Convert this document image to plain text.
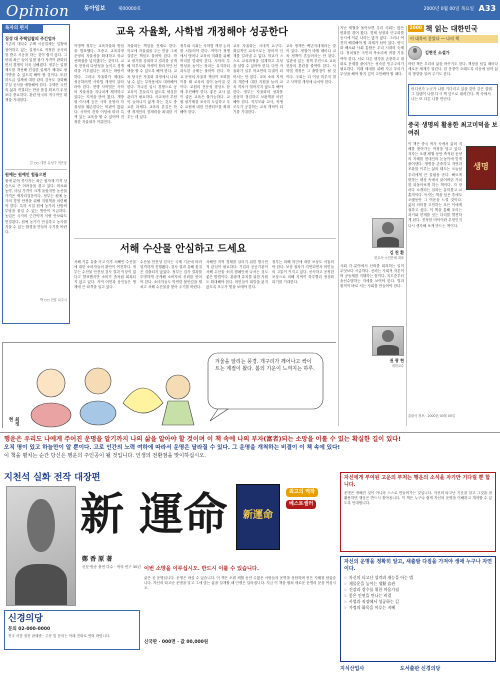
Opinion	동아일보	제00000호	2000년 0월 00일 목요일 A33
독자의 편지
집성 대 주택입찰의 주긴업자
기존의 대다수 주택 시공업체는 입찰에 참여하고 있는 실정으로 적정한 공사비를 받고 시공을 하는 것이 쉽지 않다. 그런데 최근 들어 입찰 참가 자격이 완화되면서 경쟁이 더욱 심해졌다. 정부는 입찰 제도를 개선해 건실한 업체가 제대로 평가받을 수 있도록 해야 할 것이다. 또한 하도급 업체에 대한 관리 감독도 강화해 부실 공사를 예방해야 한다. 주택은 국민의 삶과 직결되는 만큼 품질 확보가 무엇보다 중요하다. 관련 당국의 적극적인 대책을 기대한다.
김 ○○ 대전 유성구 어은동
원예는 원예인 힘들으면
원예 분야 종사자는 최근 원자재 가격 상승으로 큰 어려움을 겪고 있다. 비료와 농약, 비닐 가격이 크게 올랐지만 농산물 가격은 제자리걸음이다. 정부는 원예 농가의 경영 안정을 위해 지원책을 마련해야 한다. 특히 시설 원예 농가의 난방비 부담을 줄일 수 있는 방안이 시급하다. 농업은 국가의 근간이며 식량 안보와도 연결된다. 원예 농가가 안심하고 농사를 지을 수 있는 환경을 만들어 주기를 바란다.
박 ○○ 전남 나주시
교육 자율화, 사학법 개정해야 성공한다
이명박 정부는 교육자율화 방침을 발표했다. 초중고 교육과정 운영의 자율성을 확대하고 학교 선택권을 넓히겠다는 것이다. 교육 현장의 다양성을 높이고 경쟁력을 키우겠다는 취지는 바람직하다. 그러나 자율화가 제대로 성공하려면 사학법 개정이 뒤따라야 한다. 현행 사학법은 사학의 자율성을 지나치게 제약하고 있다는 지적을 받아 왔다. 개방형 이사제 등은 사학 운영의 자율성을 훼손한다는 비판이 많았다. 사학이 건학 이념에 따라 특색 있는 교육을 할 수 있어야 진정한 자율화가 이뤄진다.
자율화는 책임을 전제로 한다. 학교에 자율권을 주는 만큼 그에 걸맞은 책임도 물어야 한다. 학교 평가를 강화하고 결과를 공개해 학부모와 학생이 합리적인 선택을 할 수 있도록 해야 한다. 교육 당국은 자율화 과정에서 나타날 수 있는 부작용에도 대비해야 한다. 지나친 입시 경쟁으로 공교육이 흔들리지 않도록 세심한 관리가 필요하다. 사교육비 부담이 늘어나지 않게 하는 것도 중요한 과제다. 교육의 본질은 학생 개개인의 잠재력을 최대한 키우는 데 있다.
정부와 국회는 사학법 개정 논의를 서둘러야 한다. 여야가 정쟁에서 벗어나 교육의 미래를 위해 머리를 맞대야 한다. 사학의 투명성을 높이는 장치는 유지하되 과도한 규제는 풀어야 한다. 학교 운영의 자율과 책임이 조화를 이룰 때 교육의 질이 높아질 것이다. 교원의 전문성 향상도 함께 추진해야 한다. 좋은 교사 없이 좋은 교육은 불가능하다. 교원 평가제를 조속히 도입하고 우수 교원에 대한 인센티브를 확대해야 한다.
교육 자율화는 시대적 요구다. 획일적인 교육으로는 창의적 인재를 길러낼 수 없다. 학교가 스스로 교육과정을 설계하고 특성을 살릴 수 있어야 한다. 다만 자율화가 일부 학교만의 특권이 되어서는 안 된다. 교육 소외 지역과 계층에 대한 지원을 늘려 교육 격차가 벌어지지 않도록 해야 한다. 정부는 자율화의 성과를 꼼꼼히 점검하고 보완책을 마련해야 한다. 학부모와 교사, 학생 모두가 공감하는 교육 개혁이 되기를 기대한다.
교육 정책은 백년지대계라는 말이 있다. 정권이 바뀔 때마다 교육 정책이 흔들려서는 안 된다. 일관성 있는 정책 추진으로 교육 현장의 혼란을 줄여야 한다. 사학법 개정은 그 출발점이 될 것이다. 국회는 더 이상 미루지 말고 사학법 개정에 나서야 한다.
서해 수산물 안심하고 드세요
서해 기름 유출 사고 이후 서해안 수산물에 대한 소비자들의 불안이 여전하다. 정부는 수산물 안전성 검사 결과 이상이 없다고 발표했지만 소비가 좀처럼 회복되지 않고 있다. 지역 어민과 상인들은 생계에 큰 타격을 입고 있다.
수산물 안전성 검사는 국제 기준에 따라 엄격하게 진행됐다. 검사 결과 유해 물질은 검출되지 않았다. 정부는 검사 결과를 투명하게 공개해 소비자의 신뢰를 얻어야 한다. 소비자들도 막연한 불안감을 떨치고 서해 수산물을 찾아 주기를 바란다.
서해안 지역 경제를 살리기 위한 범국민적 관심이 필요하다. 기업과 공공기관이 서해 수산물 소비 캠페인에 나서는 것도 좋은 방법이다. 관광객 유치를 위한 지원도 확대해야 한다. 어민들이 희망을 잃지 않도록 모두가 힘을 보태야 한다.
정부는 피해 어민에 대한 보상도 서둘러야 한다. 보상 절차가 지연되면서 어민들의 고통이 커지고 있다. 신속하고 공정한 보상으로 피해 지역이 하루빨리 정상화되기를 기대한다.
지난 세월을 돌아보면 우리 사회는 많은 변화를 겪어 왔다. 경제 성장과 민주화를 동시에 이룬 나라는 많지 않다. 그러나 여전히 해결해야 할 과제가 남아 있다. 양극화 해소와 사회 통합은 우리 시대의 숙제다. 정치권은 국민의 목소리에 귀를 기울여야 한다. 서로 다른 생각을 존중하고 대화로 문제를 풀어가는 성숙한 민주주의가 필요하다. 미래 세대를 위해 지금 우리가 무엇을 해야 할지 깊이 고민해야 할 때다.
김 천 환
변호사·시민단체 대표
사회 각 분야에서 신뢰를 회복하는 일이 무엇보다 시급하다. 신뢰는 사회적 자본이며 공동체를 지탱하는 힘이다. 지도층부터 솔선수범하는 자세를 보여야 한다. 법과 원칙이 바로 서는 사회를 만들어야 한다.
권 광 현
대학교수
겨울을 알리는 풍경. 개구리가 깨어나고 싹이 트는 계절이 왔다. 봄의 기운이 느껴지는 하루.
최정현
2000 책 읽는 대한민국
이 대목이 좋았다 — 나의 책
김현진 소설가
어떤 책은 우리의 삶을 바꾸기도 한다. 책장을 넘길 때마다 새로운 세계가 열린다. 한 문장이 오래도록 마음에 남아 삶의 방향을 알려 주기도 한다.
어디선가 누군가 나를 기다리고 있을 것만 같은 설렘. 그 설렘이 나를 다시 책 앞으로 데려간다. 책 속에서 나는 또 다른 나를 만난다.
중국 생명의 활용한 최고미덕을 보여줘
이 책은 중국 역사 속에서 삶의 지혜를 찾아가는 여정을 담고 있다. 저자는 오랜 세월 동안 축적된 동양의 지혜를 현대인의 눈높이에 맞게 풀어낸다. 생명을 존중하고 자연과 조화를 이루는 삶의 태도는 오늘날 우리에게 큰 울림을 준다. 빠르게 변하는 세상 속에서 잃어버린 가치를 되돌아보게 하는 책이다. 각 장마다 소개되는 일화는 흥미롭고 교훈적이다. 독자는 책을 덮은 후에도 오랫동안 그 여운을 느낄 것이다. 삶의 의미를 고민하는 모든 이에게 권하고 싶다. 이 책을 통해 우리는 과거와 현재를 잇는 다리를 발견하게 된다. 진정한 미덕이란 무엇인지 다시 생각해 보게 만드는 책이다.
생명
출판사 정보 · 2000년 00월 00일
행운은 우리도 나에게 주어진 운명을 알기까지 나의 삶을 알아야 할 것이며 이 책 속에 나의 부자(富者)되는 소망을 이룰 수 있는 확실한 길이 있다!
오직 명이 있고 하늘만이 알 뿐이다. 고로 인간의 노력 여하에 따라서 운명은 달라질 수 있다. 그 운명을 개척하는 비결이 이 책 속에 있다!
이 책을 펼치는 순간 당신은 행운의 주인공이 될 것입니다. 인생의 전환점을 맞이하십시오.
지천석 실화 전작 대장편
新 運命
鄭 香 原 著
신문·방송 출연 다수 · 역학 연구 30년
新運命
최고의 역작
베스트셀러
이번 소망을 이루십시오. 반드시 이룰 수 있습니다.
삶은 곧 운명입니다. 운명은 바꿀 수 있습니다. 이 책은 오랜 세월 동안 수많은 사람들의 운명을 상담하며 얻은 지혜를 담았습니다. 자신의 타고난 운명을 알고 그에 맞는 삶을 설계할 때 인생은 달라집니다. 지금 이 책을 펼쳐 새로운 운명의 문을 여십시오.
신경의당
문의 02-000-0000
전국 서점 절찬 판매중 · 주문 및 문의는 아래 전화로 연락 바랍니다.
지식산업사	도서출판 신경의당
신국판 · 000면 · 값 00,000원
자신에게 부여된 고운의 부처는 행운의 소식을 자기만 기다릴 뿐 합니다.
운명은 정해진 것이 아니라 스스로 만들어가는 것입니다. 자신의 타고난 기운을 알고 그것을 잘 활용하면 행운은 반드시 찾아옵니다. 이 책은 누구나 쉽게 자신의 운명을 이해하고 개척할 수 있도록 안내합니다.
자신의 운명을 정확히 알고, 새출발 다짐을 가져야 생애 누구나 자연이다.
☞ 자신의 타고난 성격과 재능을 아는 법
☞ 재물운을 높이는 생활 습관
☞ 건강과 장수를 위한 마음가짐
☞ 좋은 인연을 만나는 비결
☞ 사업과 직장에서 성공하는 길
☞ 가정의 화목을 이루는 지혜
